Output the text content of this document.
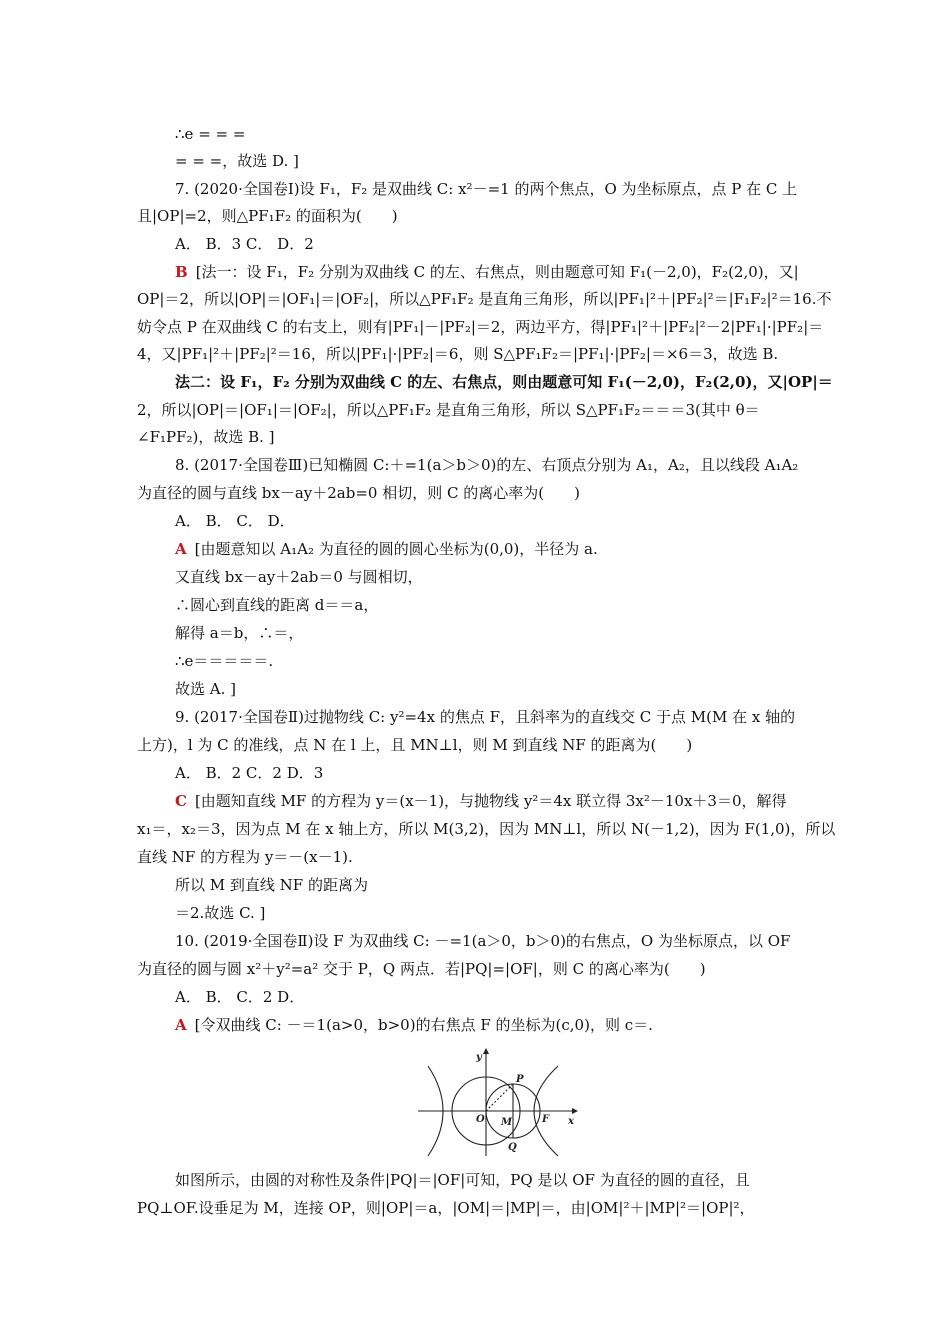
∴e = = =
= = =，故选 D. ]
7. (2020·全国卷Ⅰ)设 F₁，F₂ 是双曲线 C: x²－=1 的两个焦点，O 为坐标原点，点 P 在 C 上
且|OP|=2，则△PF₁F₂ 的面积为(　　)
A． B．3 C． D．2
B [法一：设 F₁，F₂ 分别为双曲线 C 的左、右焦点，则由题意可知 F₁(－2,0)，F₂(2,0)，又|
OP|＝2，所以|OP|＝|OF₁|＝|OF₂|，所以△PF₁F₂ 是直角三角形，所以|PF₁|²＋|PF₂|²＝|F₁F₂|²＝16.不
妨令点 P 在双曲线 C 的右支上，则有|PF₁|－|PF₂|＝2，两边平方，得|PF₁|²＋|PF₂|²－2|PF₁|·|PF₂|＝
4，又|PF₁|²＋|PF₂|²＝16，所以|PF₁|·|PF₂|＝6，则 S△PF₁F₂＝|PF₁|·|PF₂|＝×6＝3，故选 B.
法二：设 F₁，F₂ 分别为双曲线 C 的左、右焦点，则由题意可知 F₁(－2,0)，F₂(2,0)，又|OP|＝
2，所以|OP|＝|OF₁|＝|OF₂|，所以△PF₁F₂ 是直角三角形，所以 S△PF₁F₂＝＝＝3(其中 θ＝
∠F₁PF₂)，故选 B. ]
8. (2017·全国卷Ⅲ)已知椭圆 C:＋=1(a＞b＞0)的左、右顶点分别为 A₁，A₂，且以线段 A₁A₂
为直径的圆与直线 bx－ay＋2ab=0 相切，则 C 的离心率为(　　)
A． B． C． D．
A [由题意知以 A₁A₂ 为直径的圆的圆心坐标为(0,0)，半径为 a.
又直线 bx－ay＋2ab＝0 与圆相切，
∴圆心到直线的距离 d＝＝a，
解得 a＝b，∴＝，
∴e＝＝＝＝＝.
故选 A. ]
9. (2017·全国卷Ⅱ)过抛物线 C: y²=4x 的焦点 F，且斜率为的直线交 C 于点 M(M 在 x 轴的
上方)，l 为 C 的准线，点 N 在 l 上，且 MN⊥l，则 M 到直线 NF 的距离为(　　)
A． B．2 C．2 D．3
C [由题知直线 MF 的方程为 y＝(x－1)，与抛物线 y²＝4x 联立得 3x²－10x＋3＝0，解得
x₁＝，x₂＝3，因为点 M 在 x 轴上方，所以 M(3,2)，因为 MN⊥l，所以 N(－1,2)，因为 F(1,0)，所以
直线 NF 的方程为 y＝－(x－1).
所以 M 到直线 NF 的距离为
＝2.故选 C. ]
10. (2019·全国卷Ⅱ)设 F 为双曲线 C: －=1(a＞0，b＞0)的右焦点，O 为坐标原点，以 OF
为直径的圆与圆 x²＋y²=a² 交于 P，Q 两点．若|PQ|=|OF|，则 C 的离心率为(　　)
A． B． C．2 D．
A [令双曲线 C: －＝1(a>0，b>0)的右焦点 F 的坐标为(c,0)，则 c＝.
y
x
P
O M	F
Q
如图所示，由圆的对称性及条件|PQ|＝|OF|可知，PQ 是以 OF 为直径的圆的直径，且
PQ⊥OF.设垂足为 M，连接 OP，则|OP|＝a，|OM|＝|MP|＝，由|OM|²＋|MP|²＝|OP|²，
